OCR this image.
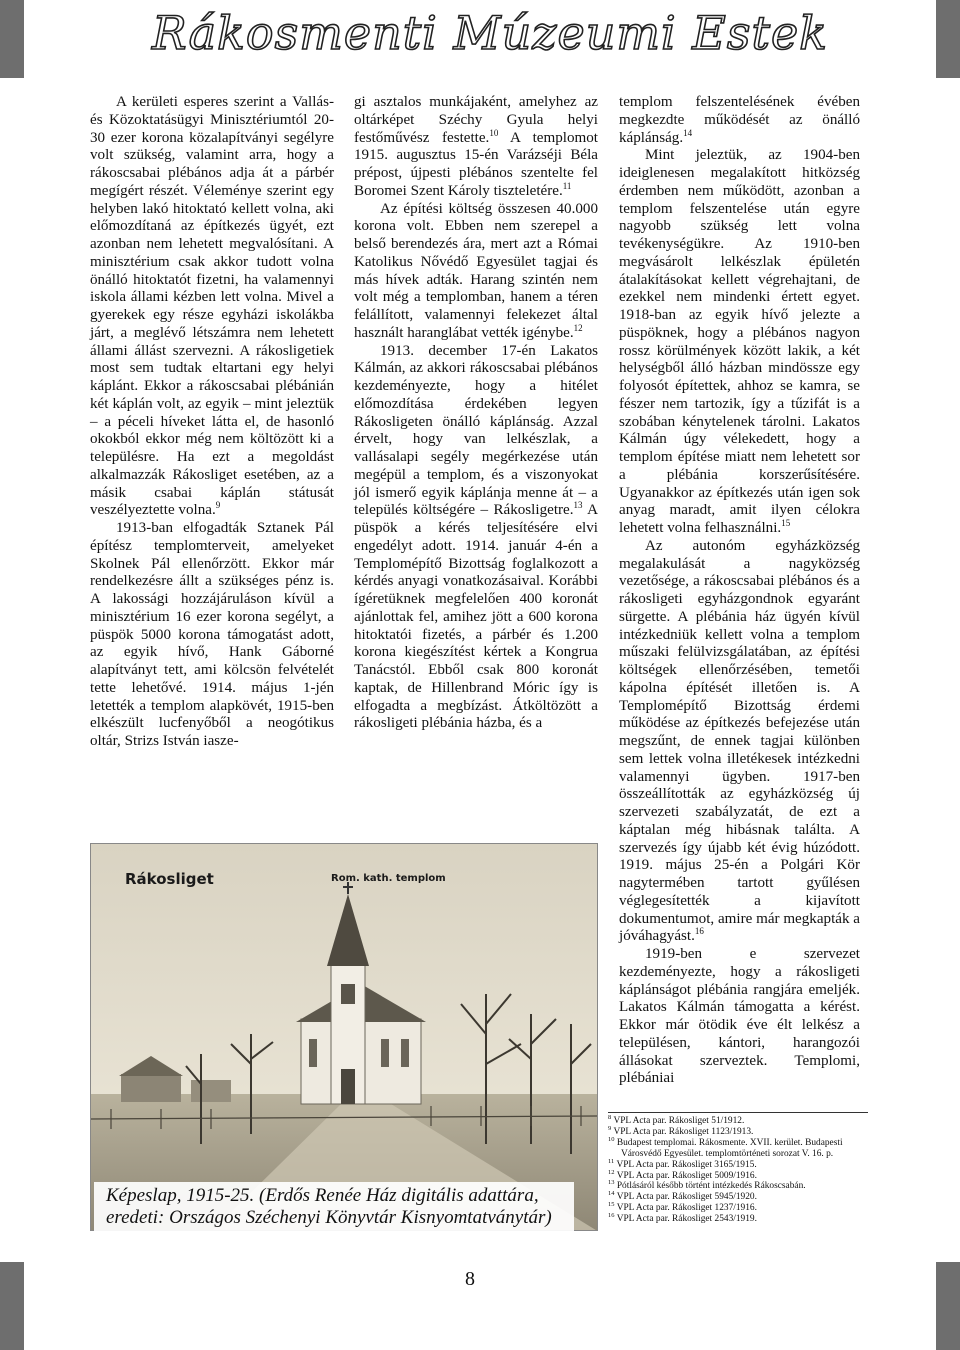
Rákosmenti Múzeumi Estek

A kerületi esperes szerint a Vallás- és Közoktatásügyi Minisztériumtól 20-30 ezer korona közalapítványi segélyre volt szükség, valamint arra, hogy a rákoscsabai plébános adja át a párbér megígért részét. Véleménye szerint egy helyben lakó hitoktató kellett volna, aki előmozdítaná az építkezés ügyét, ezt azonban nem lehetett megvalósítani. A minisztérium csak akkor tudott volna önálló hitoktatót fizetni, ha valamennyi iskola állami kézben lett volna. Mivel a gyerekek egy része egyházi iskolákba járt, a meglévő létszámra nem lehetett állami állást szervezni. A rákosligetiek most sem tudtak eltartani egy helyi káplánt. Ekkor a rákoscsabai plébánián két káplán volt, az egyik – mint jeleztük – a péceli híveket látta el, de hasonló okokból ekkor még nem költözött ki a településre. Ha ezt a megoldást alkalmazzák Rákosliget esetében, az a másik csabai káplán státusát veszélyeztette volna.$^9$

1913-ban elfogadták Sztanek Pál építész templomterveit, amelyeket Skolnek Pál ellenőrzött. Ekkor már rendelkezésre állt a szükséges pénz is. A lakossági hozzájáruláson kívül a minisztérium 16 ezer korona segélyt, a püspök 5000 korona támogatást adott, az egyik hívő, Hank Gáborné alapítványt tett, ami kölcsön felvételét tette lehetővé. 1914. május 1-jén letették a templom alapkövét, 1915-ben elkészült lucfenyőből a neogótikus oltár, Strizs István iasze-

gi asztalos munkájaként, amelyhez az oltárképet Széchy Gyula helyi festőművész festette.$^{10}$ A templomot 1915. augusztus 15-én Varázséji Béla prépost, újpesti plébános szentelte fel Boromei Szent Károly tiszteletére.$^{11}$

Az építési költség összesen 40.000 korona volt. Ebben nem szerepel a belső berendezés ára, mert azt a Római Katolikus Nővédő Egyesület tagjai és más hívek adták. Harang szintén nem volt még a templomban, hanem a téren felállított, valamennyi felekezet által használt haranglábat vették igénybe.$^{12}$

1913. december 17-én Lakatos Kálmán, az akkori rákoscsabai plébános kezdeményezte, hogy a hitélet előmozdítása érdekében legyen Rákosligeten önálló káplánság. Azzal érvelt, hogy van lelkészlak, a vallásalapi segély megérkezése után megépül a templom, és a viszonyokat jól ismerő egyik káplánja menne át – a település költségére – Rákosligetre.$^{13}$ A püspök a kérés teljesítésére elvi engedélyt adott. 1914. január 4-én a Templomépítő Bizottság foglalkozott a kérdés anyagi vonatkozásaival. Korábbi ígéretüknek megfelelően 400 koronát ajánlottak fel, amihez jött a 600 korona hitoktatói fizetés, a párbér és 1.200 korona kiegészítést kértek a Kongrua Tanácstól. Ebből csak 800 koronát kaptak, de Hillenbrand Móric így is elfogadta a megbízást. Átköltözött a rákosligeti plébánia házba, és a

templom felszentelésének évében megkezdte működését az önálló káplánság.$^{14}$

Mint jeleztük, az 1904-ben ideiglenesen megalakított hitközség érdemben nem működött, azonban a templom felszentelése után egyre nagyobb szükség lett volna tevékenységükre. Az 1910-ben megvásárolt lelkészlak épületén átalakításokat kellett végrehajtani, de ezekkel nem mindenki értett egyet. 1918-ban az egyik hívő jelezte a püspöknek, hogy a plébános nagyon rossz körülmények között lakik, a két helységből álló házban mindössze egy folyosót építettek, ahhoz se kamra, se fészer nem tartozik, így a tűzifát is a szobában kénytelenek tárolni. Lakatos Kálmán úgy vélekedett, hogy a templom építése miatt nem lehetett sor a plébánia korszerűsítésére. Ugyanakkor az építkezés után igen sok anyag maradt, amit ilyen célokra lehetett volna felhasználni.$^{15}$

Az autonóm egyházközség megalakulását a nagyközség vezetősége, a rákoscsabai plébános és a rákosligeti egyházgondnok egyaránt sürgette. A plébánia ház ügyén kívül intézkedniük kellett volna a templom műszaki felülvizsgálatában, az építési költségek ellenőrzésében, temetői kápolna építését illetően is. A Templomépítő Bizottság érdemi működése az építkezés befejezése után megszűnt, de ennek tagjai különben sem lettek volna illetékesek intézkedni valamennyi ügyben. 1917-ben összeállították az egyházközség új szervezeti szabályzatát, de ezt a káptalan még hibásnak találta. A szervezés így újabb két évig húzódott. 1919. május 25-én a Polgári Kör nagytermében tartott gyűlésen véglegesítették a kijavított dokumentumot, amire már megkapták a jóváhagyást.$^{16}$

1919-ben e szervezet kezdeményezte, hogy a rákosligeti káplánságot plébánia rangjára emeljék. Lakatos Kálmán támogatta a kérést. Ekkor már ötödik éve élt lelkész a településen, kántori, harangozói állásokat szerveztek. Templomi, plébániai

Rákosliget	Rom. kath. templom
Képeslap, 1915-25. (Erdős Renée Ház digitális adattára,
eredeti: Országos Széchenyi Könyvtár Kisnyomtatványtár)
$^8$ VPL Acta par. Rákosliget 51/1912.
$^9$ VPL Acta par. Rákosliget 1123/1913.
$^{10}$ Budapest templomai. Rákosmente. XVII. kerület. Budapesti Városvédő Egyesület. templomtörténeti sorozat V. 16. p.
$^{11}$ VPL Acta par. Rákosliget 3165/1915.
$^{12}$ VPL Acta par. Rákosliget 5009/1916.
$^{13}$ Pótlásáról később történt intézkedés Rákoscsabán.
$^{14}$ VPL Acta par. Rákosliget 5945/1920.
$^{15}$ VPL Acta par. Rákosliget 1237/1916.
$^{16}$ VPL Acta par. Rákosliget 2543/1919.
8
